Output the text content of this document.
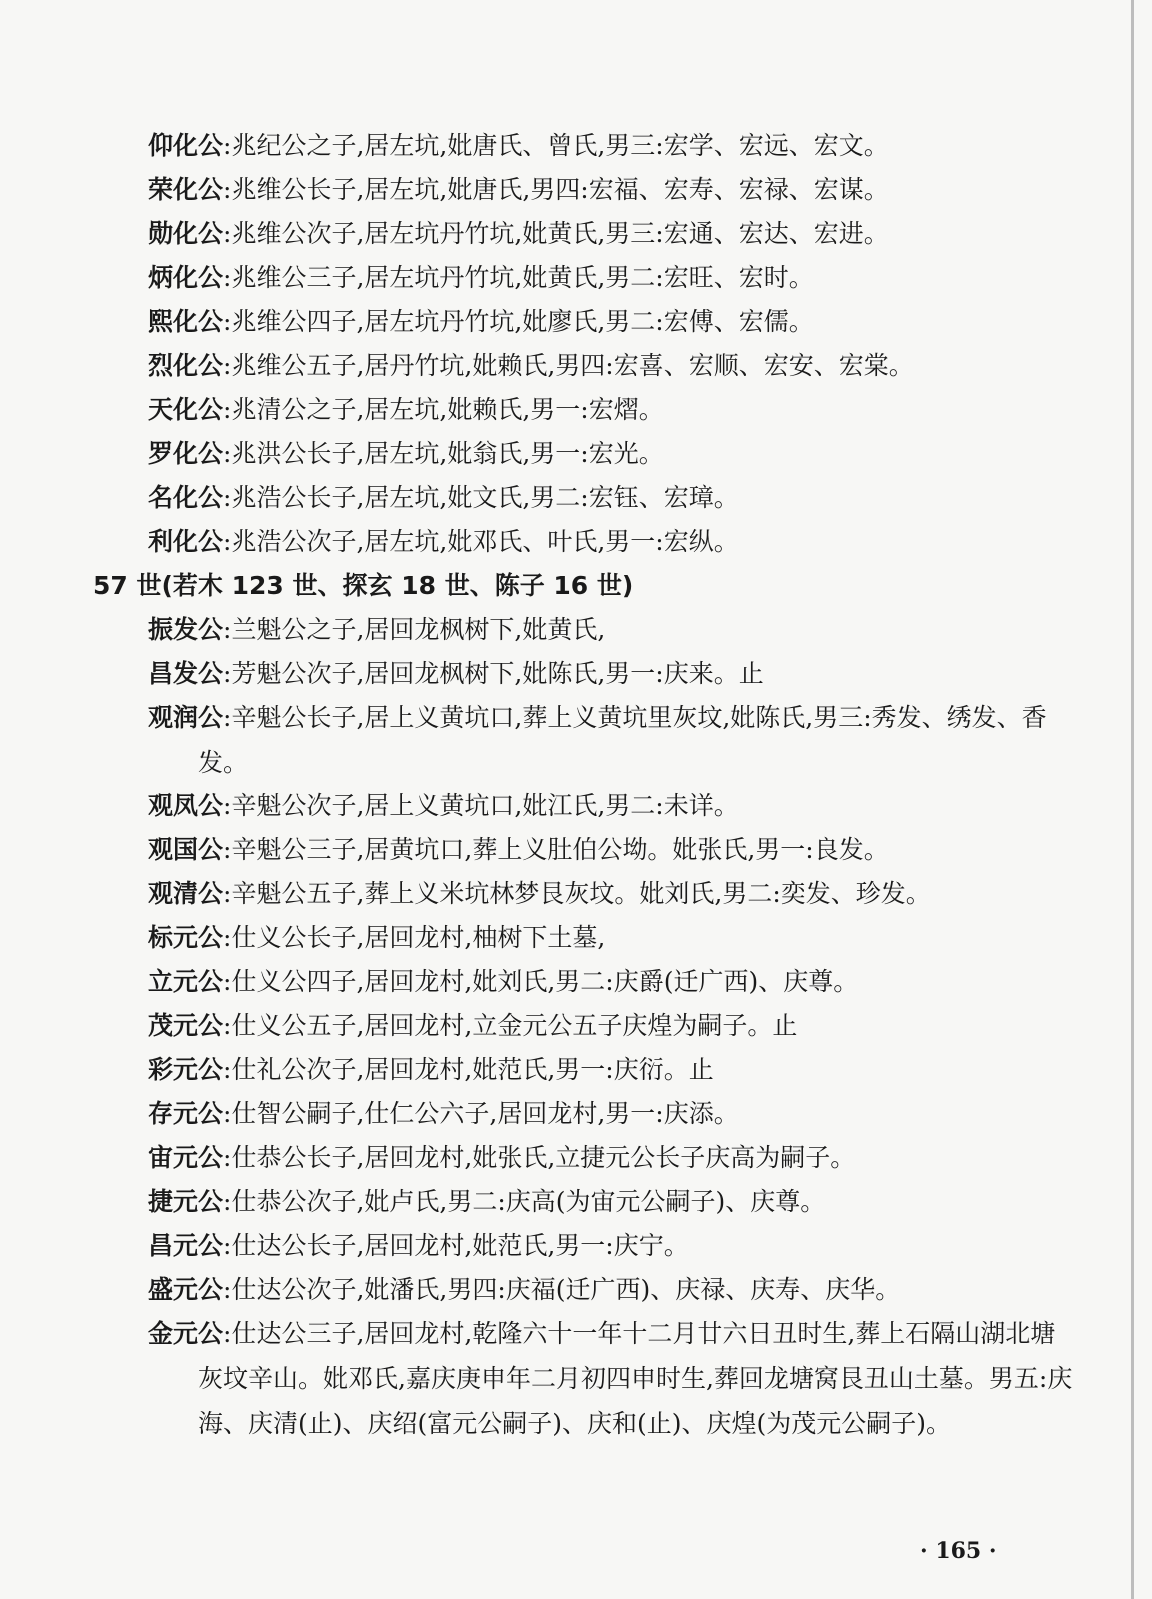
仰化公:兆纪公之子,居左坑,妣唐氏、曾氏,男三:宏学、宏远、宏文。
荣化公:兆维公长子,居左坑,妣唐氏,男四:宏福、宏寿、宏禄、宏谋。
勋化公:兆维公次子,居左坑丹竹坑,妣黄氏,男三:宏通、宏达、宏进。
炳化公:兆维公三子,居左坑丹竹坑,妣黄氏,男二:宏旺、宏时。
熙化公:兆维公四子,居左坑丹竹坑,妣廖氏,男二:宏傅、宏儒。
烈化公:兆维公五子,居丹竹坑,妣赖氏,男四:宏喜、宏顺、宏安、宏棠。
天化公:兆清公之子,居左坑,妣赖氏,男一:宏熠。
罗化公:兆洪公长子,居左坑,妣翁氏,男一:宏光。
名化公:兆浩公长子,居左坑,妣文氏,男二:宏钰、宏璋。
利化公:兆浩公次子,居左坑,妣邓氏、叶氏,男一:宏纵。
57 世(若木 123 世、探玄 18 世、陈子 16 世)
振发公:兰魁公之子,居回龙枫树下,妣黄氏,
昌发公:芳魁公次子,居回龙枫树下,妣陈氏,男一:庆来。止
观润公:辛魁公长子,居上义黄坑口,葬上义黄坑里灰坟,妣陈氏,男三:秀发、绣发、香发。
观凤公:辛魁公次子,居上义黄坑口,妣江氏,男二:未详。
观国公:辛魁公三子,居黄坑口,葬上义肚伯公坳。妣张氏,男一:良发。
观清公:辛魁公五子,葬上义米坑林梦艮灰坟。妣刘氏,男二:奕发、珍发。
标元公:仕义公长子,居回龙村,柚树下土墓,
立元公:仕义公四子,居回龙村,妣刘氏,男二:庆爵(迁广西)、庆尊。
茂元公:仕义公五子,居回龙村,立金元公五子庆煌为嗣子。止
彩元公:仕礼公次子,居回龙村,妣范氏,男一:庆衍。止
存元公:仕智公嗣子,仕仁公六子,居回龙村,男一:庆添。
宙元公:仕恭公长子,居回龙村,妣张氏,立捷元公长子庆高为嗣子。
捷元公:仕恭公次子,妣卢氏,男二:庆高(为宙元公嗣子)、庆尊。
昌元公:仕达公长子,居回龙村,妣范氏,男一:庆宁。
盛元公:仕达公次子,妣潘氏,男四:庆福(迁广西)、庆禄、庆寿、庆华。
金元公:仕达公三子,居回龙村,乾隆六十一年十二月廿六日丑时生,葬上石隔山湖北塘灰坟辛山。妣邓氏,嘉庆庚申年二月初四申时生,葬回龙塘窝艮丑山土墓。男五:庆海、庆清(止)、庆绍(富元公嗣子)、庆和(止)、庆煌(为茂元公嗣子)。
· 165 ·
